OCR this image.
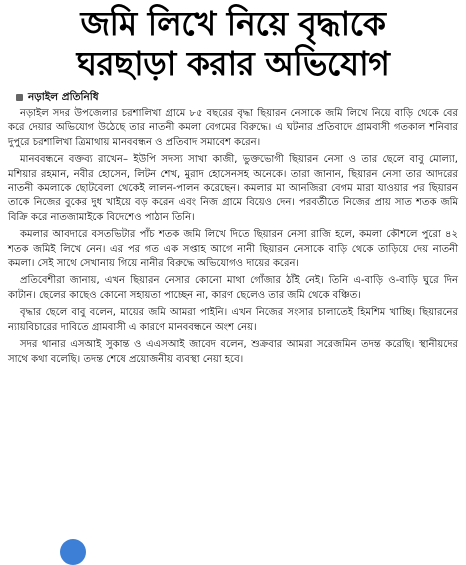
জমি লিখে নিয়ে বৃদ্ধাকে
ঘরছাড়া করার অভিযোগ
নড়াইল প্রতিনিধি

নড়াইল সদর উপজেলার চরশালিখা গ্রামে ৮৫ বছরের বৃদ্ধা ছিয়ারন নেসাকে জমি লিখে নিয়ে বাড়ি থেকে বের করে দেয়ার অভিযোগ উঠেছে তার নাতনী কমলা বেগমের বিরুদ্ধে। এ ঘটনার প্রতিবাদে গ্রামবাসী গতকাল শনিবার দুপুরে চরশালিখা ত্রিমাথায় মানববন্ধন ও প্রতিবাদ সমাবেশ করেন।

মানববন্ধনে বক্তব্য রাখেন– ইউপি সদস্য সাখা কাজী, ভুক্তভোগী ছিয়ারন নেসা ও তার ছেলে বাবু মোল্যা, মশিয়ার রহমান, নবীর হোসেন, লিটন শেখ, মুরাদ হোসেনসহ অনেকে। তারা জানান, ছিয়ারন নেসা তার আদরের নাতনী কমলাকে ছোটবেলা থেকেই লালন-পালন করেছেন। কমলার মা আনজিরা বেগম মারা যাওয়ার পর ছিয়ারন তাকে নিজের বুকের দুধ খাইয়ে বড় করেন এবং নিজ গ্রামে বিয়েও দেন। পরবর্তীতে নিজের প্রায় সাত শতক জমি বিক্রি করে নাতজামাইকে বিদেশেও পাঠান তিনি।

কমলার আবদারে বসতভিটার পাঁচ শতক জমি লিখে দিতে ছিয়ারন নেসা রাজি হলে, কমলা কৌশলে পুরো ৪২ শতক জমিই লিখে নেন। এর পর গত এক সপ্তাহ আগে নানী ছিয়ারন নেসাকে বাড়ি থেকে তাড়িয়ে দেয় নাতনী কমলা। সেই সাথে সেখানায় গিয়ে নানীর বিরুদ্ধে অভিযোগও দায়ের করেন।

প্রতিবেশীরা জানায়, এখন ছিয়ারন নেসার কোনো মাথা গোঁজার ঠাঁই নেই। তিনি এ-বাড়ি ও-বাড়ি ঘুরে দিন কাটান। ছেলের কাছেও কোনো সহায়তা পাচ্ছেন না, কারণ ছেলেও তার জমি থেকে বঞ্চিত।

বৃদ্ধার ছেলে বাবু বলেন, মায়ের জমি আমরা পাইনি। এখন নিজের সংসার চালাতেই হিমশিম খাচ্ছি। ছিয়ারনের ন্যায়বিচারের দাবিতে গ্রামবাসী এ কারণে মানববন্ধনে অংশ নেয়।

সদর থানার এসআই সুকান্ত ও এএসআই জাবেদ বলেন, শুক্রবার আমরা সরেজমিন তদন্ত করেছি। স্থানীয়দের সাথে কথা বলেছি। তদন্ত শেষে প্রয়োজনীয় ব্যবস্থা নেয়া হবে।
